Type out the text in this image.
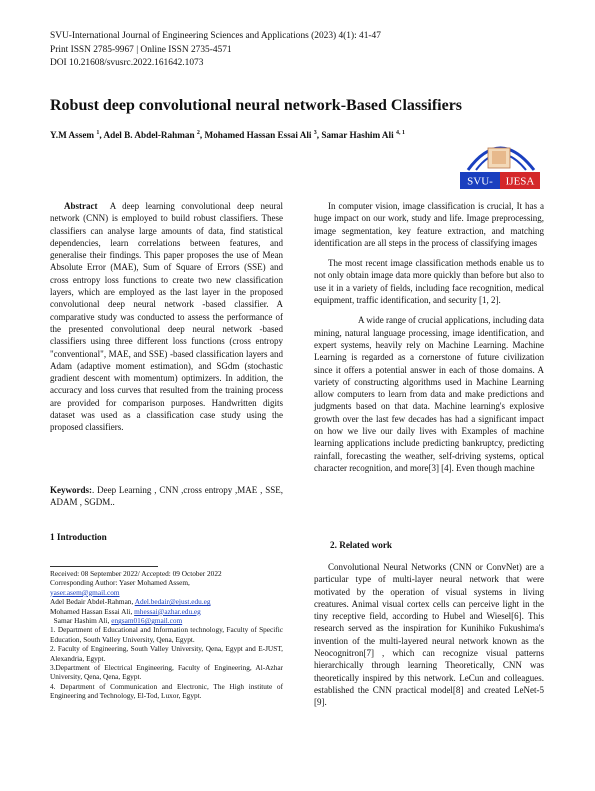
SVU-International Journal of Engineering Sciences and Applications (2023) 4(1): 41-47
Print ISSN 2785-9967 | Online ISSN 2735-4571
DOI 10.21608/svusrc.2022.161642.1073
Robust deep convolutional neural network-Based Classifiers
Y.M Assem $^1$, Adel B. Abdel-Rahman $^2$, Mohamed Hassan Essai Ali $^3$, Samar Hashim Ali $^{4, 1}$
SVU- IJESA

Abstract A deep learning convolutional deep neural network (CNN) is employed to build robust classifiers. These classifiers can analyse large amounts of data, find statistical dependencies, learn correlations between features, and generalise their findings. This paper proposes the use of Mean Absolute Error (MAE), Sum of Square of Errors (SSE) and cross entropy loss functions to create two new classification layers, which are employed as the last layer in the proposed convolutional deep neural network -based classifier. A comparative study was conducted to assess the performance of the presented convolutional deep neural network -based classifiers using three different loss functions (cross entropy "conventional", MAE, and SSE) -based classification layers and Adam (adaptive moment estimation), and SGdm (stochastic gradient descent with momentum) optimizers. In addition, the accuracy and loss curves that resulted from the training process are provided for comparison purposes. Handwritten digits dataset was used as a classification case study using the proposed classifiers.

Keywords:. Deep Learning , CNN ,cross entropy ,MAE , SSE, ADAM , SGDM..

1 Introduction

Received: 08 September 2022/ Accepted: 09 October 2022

Corresponding Author: Yaser Mohamed Assem,

yaser.asem@gmail.com

Adel Bedair Abdel-Rahman, Adel.bedair@ejust.edu.eg

Mohamed Hassan Essai Ali, mhessai@azhar.edu.eg

Samar Hashim Ali, engsam016@gmail.com

1. Department of Educational and Information technology, Faculty of Specific Education, South Valley University, Qena, Egypt.

2. Faculty of Engineering, South Valley University, Qena, Egypt and E-JUST, Alexandria, Egypt.

3.Department of Electrical Engineering, Faculty of Engineering, Al-Azhar University, Qena, Qena, Egypt.

4. Department of Communication and Electronic, The High institute of Engineering and Technology, El-Tod, Luxor, Egypt.

In computer vision, image classification is crucial, It has a huge impact on our work, study and life. Image preprocessing, image segmentation, key feature extraction, and matching identification are all steps in the process of classifying images

The most recent image classification methods enable us to not only obtain image data more quickly than before but also to use it in a variety of fields, including face recognition, medical equipment, traffic identification, and security [1, 2].

A wide range of crucial applications, including data mining, natural language processing, image identification, and expert systems, heavily rely on Machine Learning. Machine Learning is regarded as a cornerstone of future civilization since it offers a potential answer in each of those domains. A variety of constructing algorithms used in Machine Learning allow computers to learn from data and make predictions and judgments based on that data. Machine learning's explosive growth over the last few decades has had a significant impact on how we live our daily lives with Examples of machine learning applications include predicting bankruptcy, predicting rainfall, forecasting the weather, self-driving systems, optical character recognition, and more[3] [4]. Even though machine

2. Related work

Convolutional Neural Networks (CNN or ConvNet) are a particular type of multi-layer neural network that were motivated by the operation of visual systems in living creatures. Animal visual cortex cells can perceive light in the tiny receptive field, according to Hubel and Wiesel[6]. This research served as the inspiration for Kunihiko Fukushima's invention of the multi-layered neural network known as the Neocognitron[7] , which can recognize visual patterns hierarchically through learning Theoretically, CNN was theoretically inspired by this network. LeCun and colleagues. established the CNN practical model[8] and created LeNet-5 [9].
